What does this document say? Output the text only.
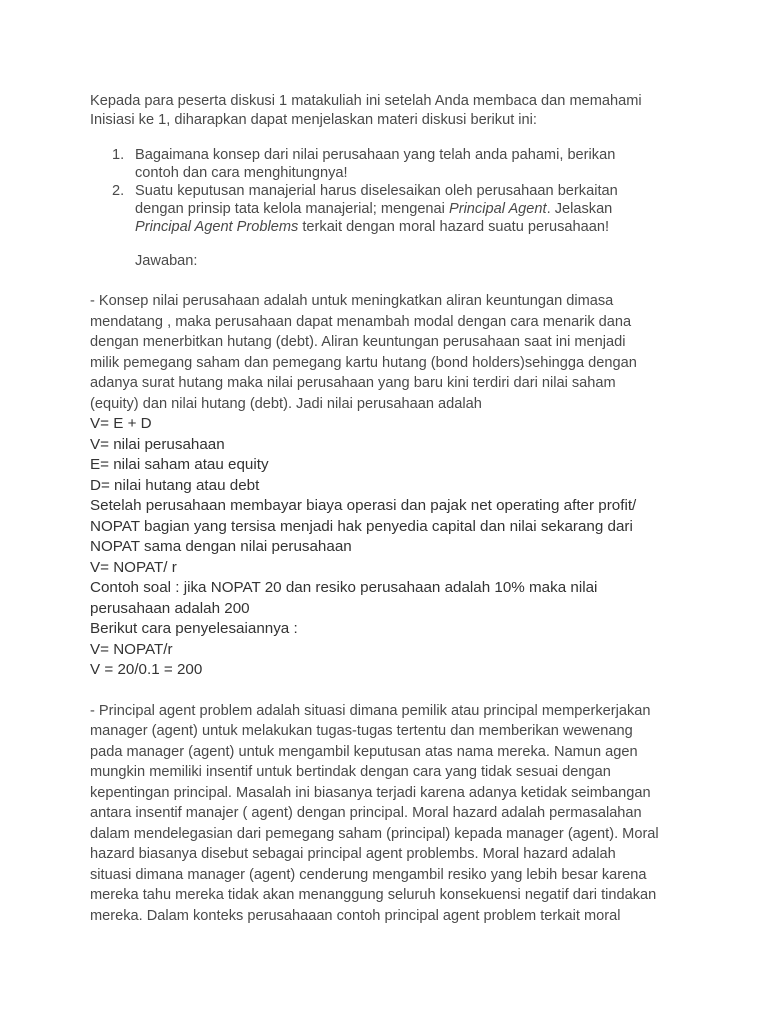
Kepada para peserta diskusi 1 matakuliah ini setelah Anda membaca dan memahami
Inisiasi ke 1, diharapkan dapat menjelaskan materi diskusi berikut ini:

1. Bagaimana konsep dari nilai perusahaan yang telah anda pahami, berikan
contoh dan cara menghitungnya!
2. Suatu keputusan manajerial harus diselesaikan oleh perusahaan berkaitan
dengan prinsip tata kelola manajerial; mengenai Principal Agent. Jelaskan
Principal Agent Problems terkait dengan moral hazard suatu perusahaan!
Jawaban:
- Konsep nilai perusahaan adalah untuk meningkatkan aliran keuntungan dimasa
mendatang , maka perusahaan dapat menambah modal dengan cara menarik dana
dengan menerbitkan hutang (debt). Aliran keuntungan perusahaan saat ini menjadi
milik pemegang saham dan pemegang kartu hutang (bond holders)sehingga dengan
adanya surat hutang maka nilai perusahaan yang baru kini terdiri dari nilai saham
(equity) dan nilai hutang (debt). Jadi nilai perusahaan adalah
V= E + D
V= nilai perusahaan
E= nilai saham atau equity
D= nilai hutang atau debt
Setelah perusahaan membayar biaya operasi dan pajak net operating after profit/
NOPAT bagian yang tersisa menjadi hak penyedia capital dan nilai sekarang dari
NOPAT sama dengan nilai perusahaan
V= NOPAT/ r
Contoh soal : jika NOPAT 20 dan resiko perusahaan adalah 10% maka nilai
perusahaan adalah 200
Berikut cara penyelesaiannya :
V= NOPAT/r
V = 20/0.1 = 200
- Principal agent problem adalah situasi dimana pemilik atau principal memperkerjakan
manager (agent) untuk melakukan tugas-tugas tertentu dan memberikan wewenang
pada manager (agent) untuk mengambil keputusan atas nama mereka. Namun agen
mungkin memiliki insentif untuk bertindak dengan cara yang tidak sesuai dengan
kepentingan principal. Masalah ini biasanya terjadi karena adanya ketidak seimbangan
antara insentif manajer ( agent) dengan principal. Moral hazard adalah permasalahan
dalam mendelegasian dari pemegang saham (principal) kepada manager (agent). Moral
hazard biasanya disebut sebagai principal agent problembs. Moral hazard adalah
situasi dimana manager (agent) cenderung mengambil resiko yang lebih besar karena
mereka tahu mereka tidak akan menanggung seluruh konsekuensi negatif dari tindakan
mereka. Dalam konteks perusahaaan contoh principal agent problem terkait moral
